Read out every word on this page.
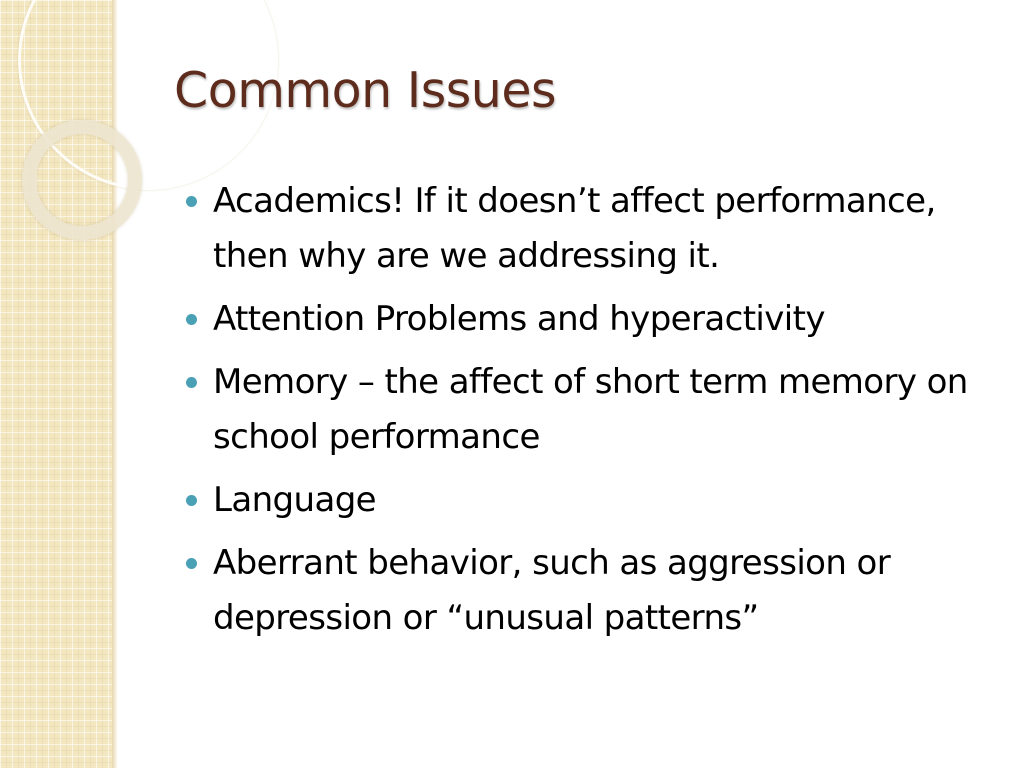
Common Issues
Academics! If it doesn’t affect performance, then why are we addressing it.
Attention Problems and hyperactivity
Memory – the affect of short term memory on school performance
Language
Aberrant behavior, such as aggression or depression or “unusual patterns”
